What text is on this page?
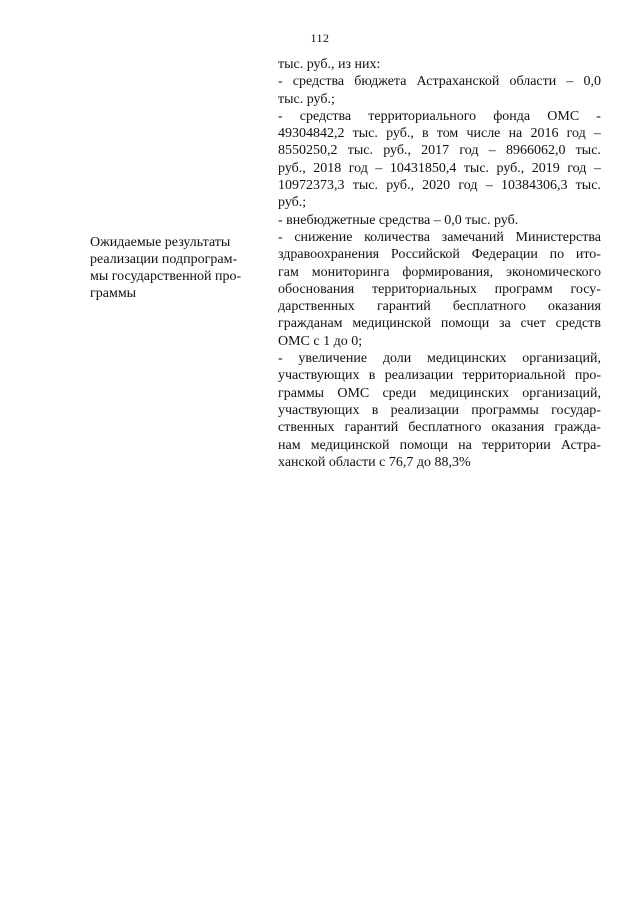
112
Ожидаемые результаты
реализации подпрограм-
мы государственной про-
граммы
тыс. руб., из них:
- средства бюджета Астраханской области – 0,0
тыс. руб.;
- средства территориального фонда ОМС -
49304842,2 тыс. руб., в том числе на 2016 год –
8550250,2 тыс. руб., 2017 год – 8966062,0 тыс.
руб., 2018 год – 10431850,4 тыс. руб., 2019 год –
10972373,3 тыс. руб., 2020 год – 10384306,3 тыс.
руб.;
- внебюджетные средства – 0,0 тыс. руб.
- снижение количества замечаний Министерства
здравоохранения Российской Федерации по ито-
гам мониторинга формирования, экономического
обоснования территориальных программ госу-
дарственных гарантий бесплатного оказания
гражданам медицинской помощи за счет средств
ОМС с 1 до 0;
- увеличение доли медицинских организаций,
участвующих в реализации территориальной про-
граммы ОМС среди медицинских организаций,
участвующих в реализации программы государ-
ственных гарантий бесплатного оказания гражда-
нам медицинской помощи на территории Астра-
ханской области с 76,7 до 88,3%
